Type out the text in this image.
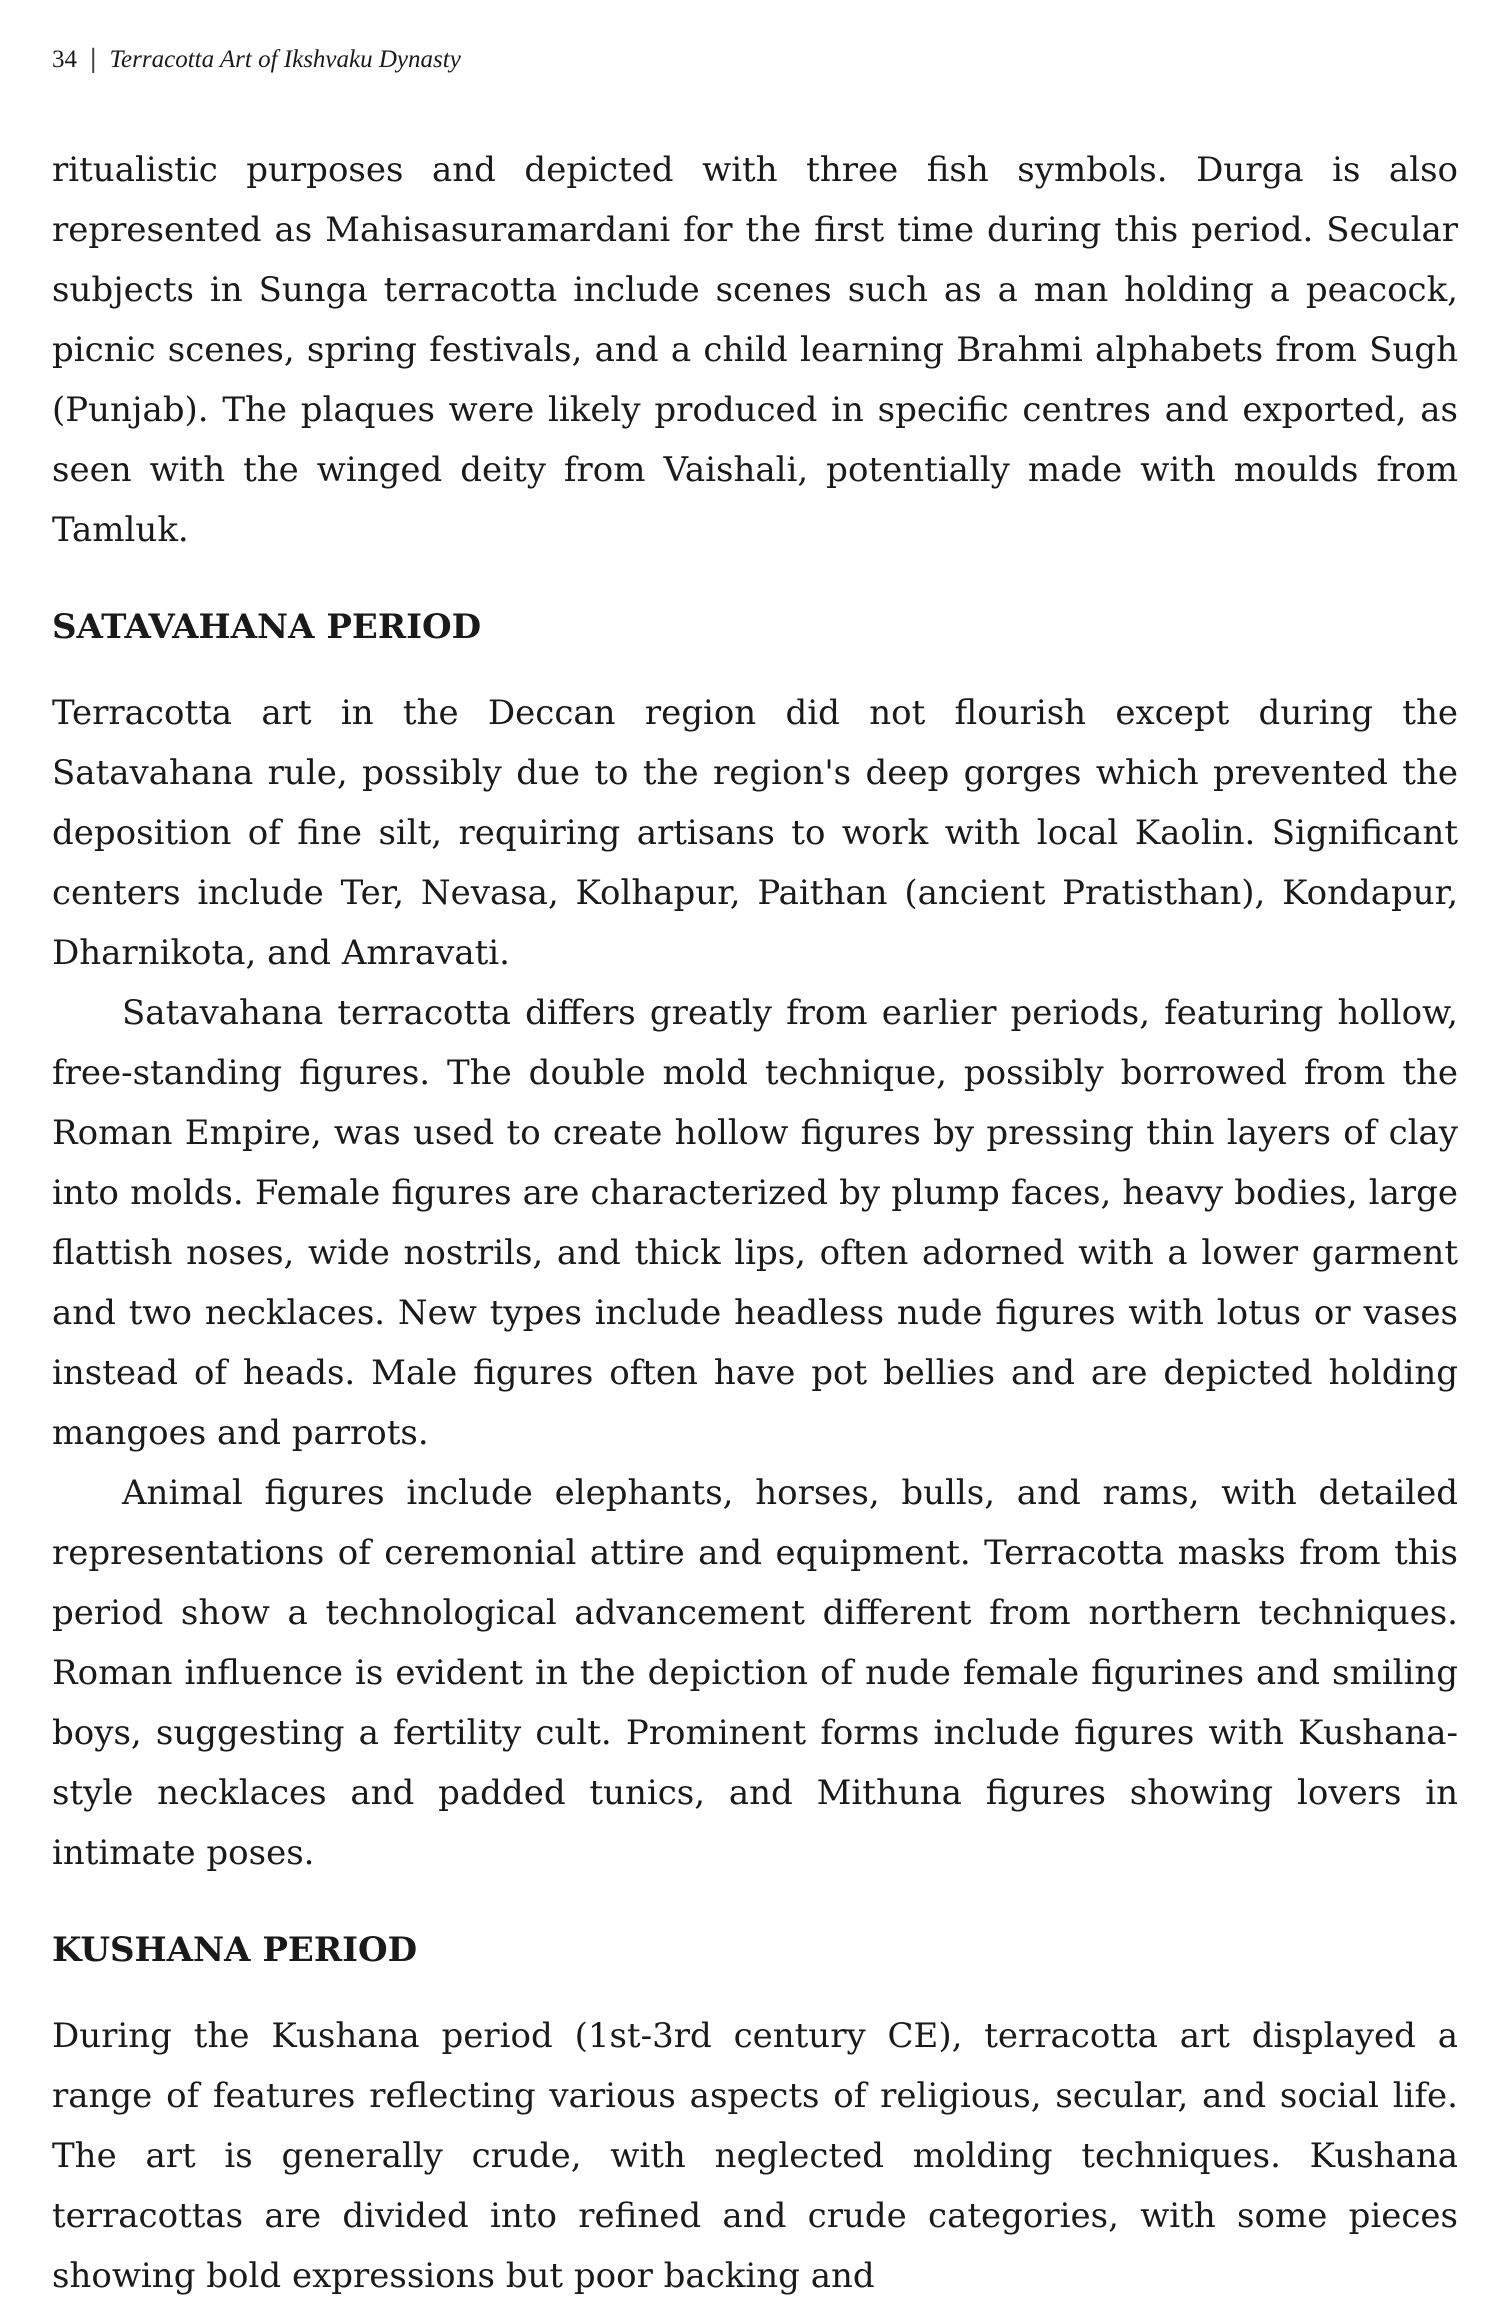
34 | Terracotta Art of Ikshvaku Dynasty

ritualistic purposes and depicted with three fish symbols. Durga is also represented as Mahisasuramardani for the first time during this period. Secular subjects in Sunga terracotta include scenes such as a man holding a peacock, picnic scenes, spring festivals, and a child learning Brahmi alphabets from Sugh (Punjab). The plaques were likely produced in specific centres and exported, as seen with the winged deity from Vaishali, potentially made with moulds from Tamluk.

SATAVAHANA PERIOD

Terracotta art in the Deccan region did not flourish except during the Satavahana rule, possibly due to the region's deep gorges which prevented the deposition of fine silt, requiring artisans to work with local Kaolin. Significant centers include Ter, Nevasa, Kolhapur, Paithan (ancient Pratisthan), Kondapur, Dharnikota, and Amravati.

Satavahana terracotta differs greatly from earlier periods, featuring hollow, free-standing figures. The double mold technique, possibly borrowed from the Roman Empire, was used to create hollow figures by pressing thin layers of clay into molds. Female figures are characterized by plump faces, heavy bodies, large flattish noses, wide nostrils, and thick lips, often adorned with a lower garment and two necklaces. New types include headless nude figures with lotus or vases instead of heads. Male figures often have pot bellies and are depicted holding mangoes and parrots.

Animal figures include elephants, horses, bulls, and rams, with detailed representations of ceremonial attire and equipment. Terracotta masks from this period show a technological advancement different from northern techniques. Roman influence is evident in the depiction of nude female figurines and smiling boys, suggesting a fertility cult. Prominent forms include figures with Kushana-style necklaces and padded tunics, and Mithuna figures showing lovers in intimate poses.

KUSHANA PERIOD

During the Kushana period (1st-3rd century CE), terracotta art displayed a range of features reflecting various aspects of religious, secular, and social life. The art is generally crude, with neglected molding techniques. Kushana terracottas are divided into refined and crude categories, with some pieces showing bold expressions but poor backing and
